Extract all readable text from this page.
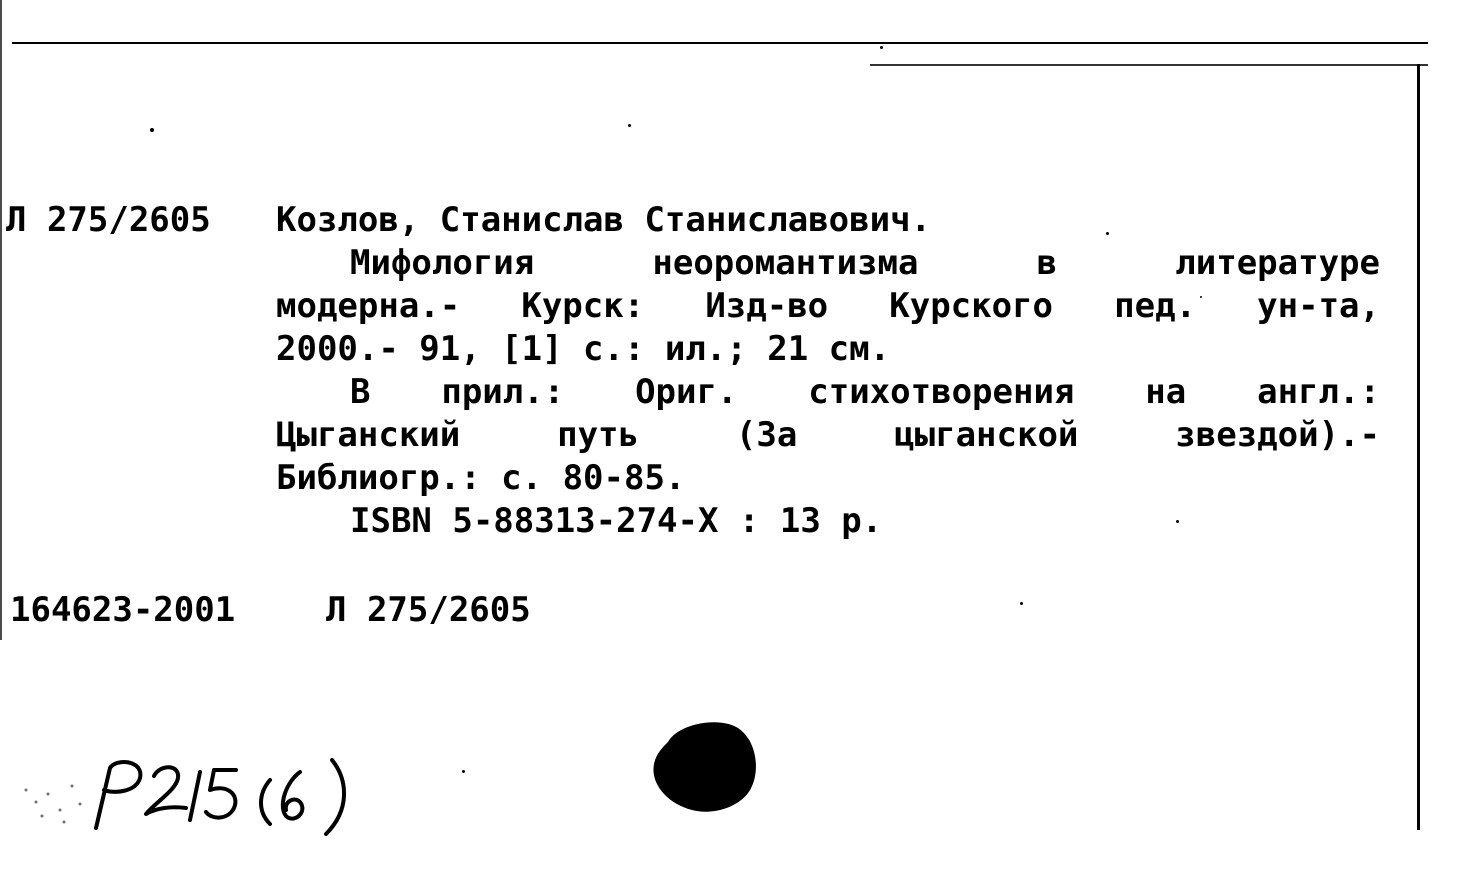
Л 275/2605 Козлов, Станислав Станиславович.
Мифология	неоромантизма	в	литературе
модерна.- Курск: Изд-во Курского пед. ун-та,
2000.- 91, [1] с.: ил.; 21 см.
В прил.: Ориг. стихотворения на англ.:
Цыганский	путь	(За	цыганской	звездой).-
Библиогр.: с. 80-85.
ISBN 5-88313-274-X : 13 р.
164623-2001	Л 275/2605
